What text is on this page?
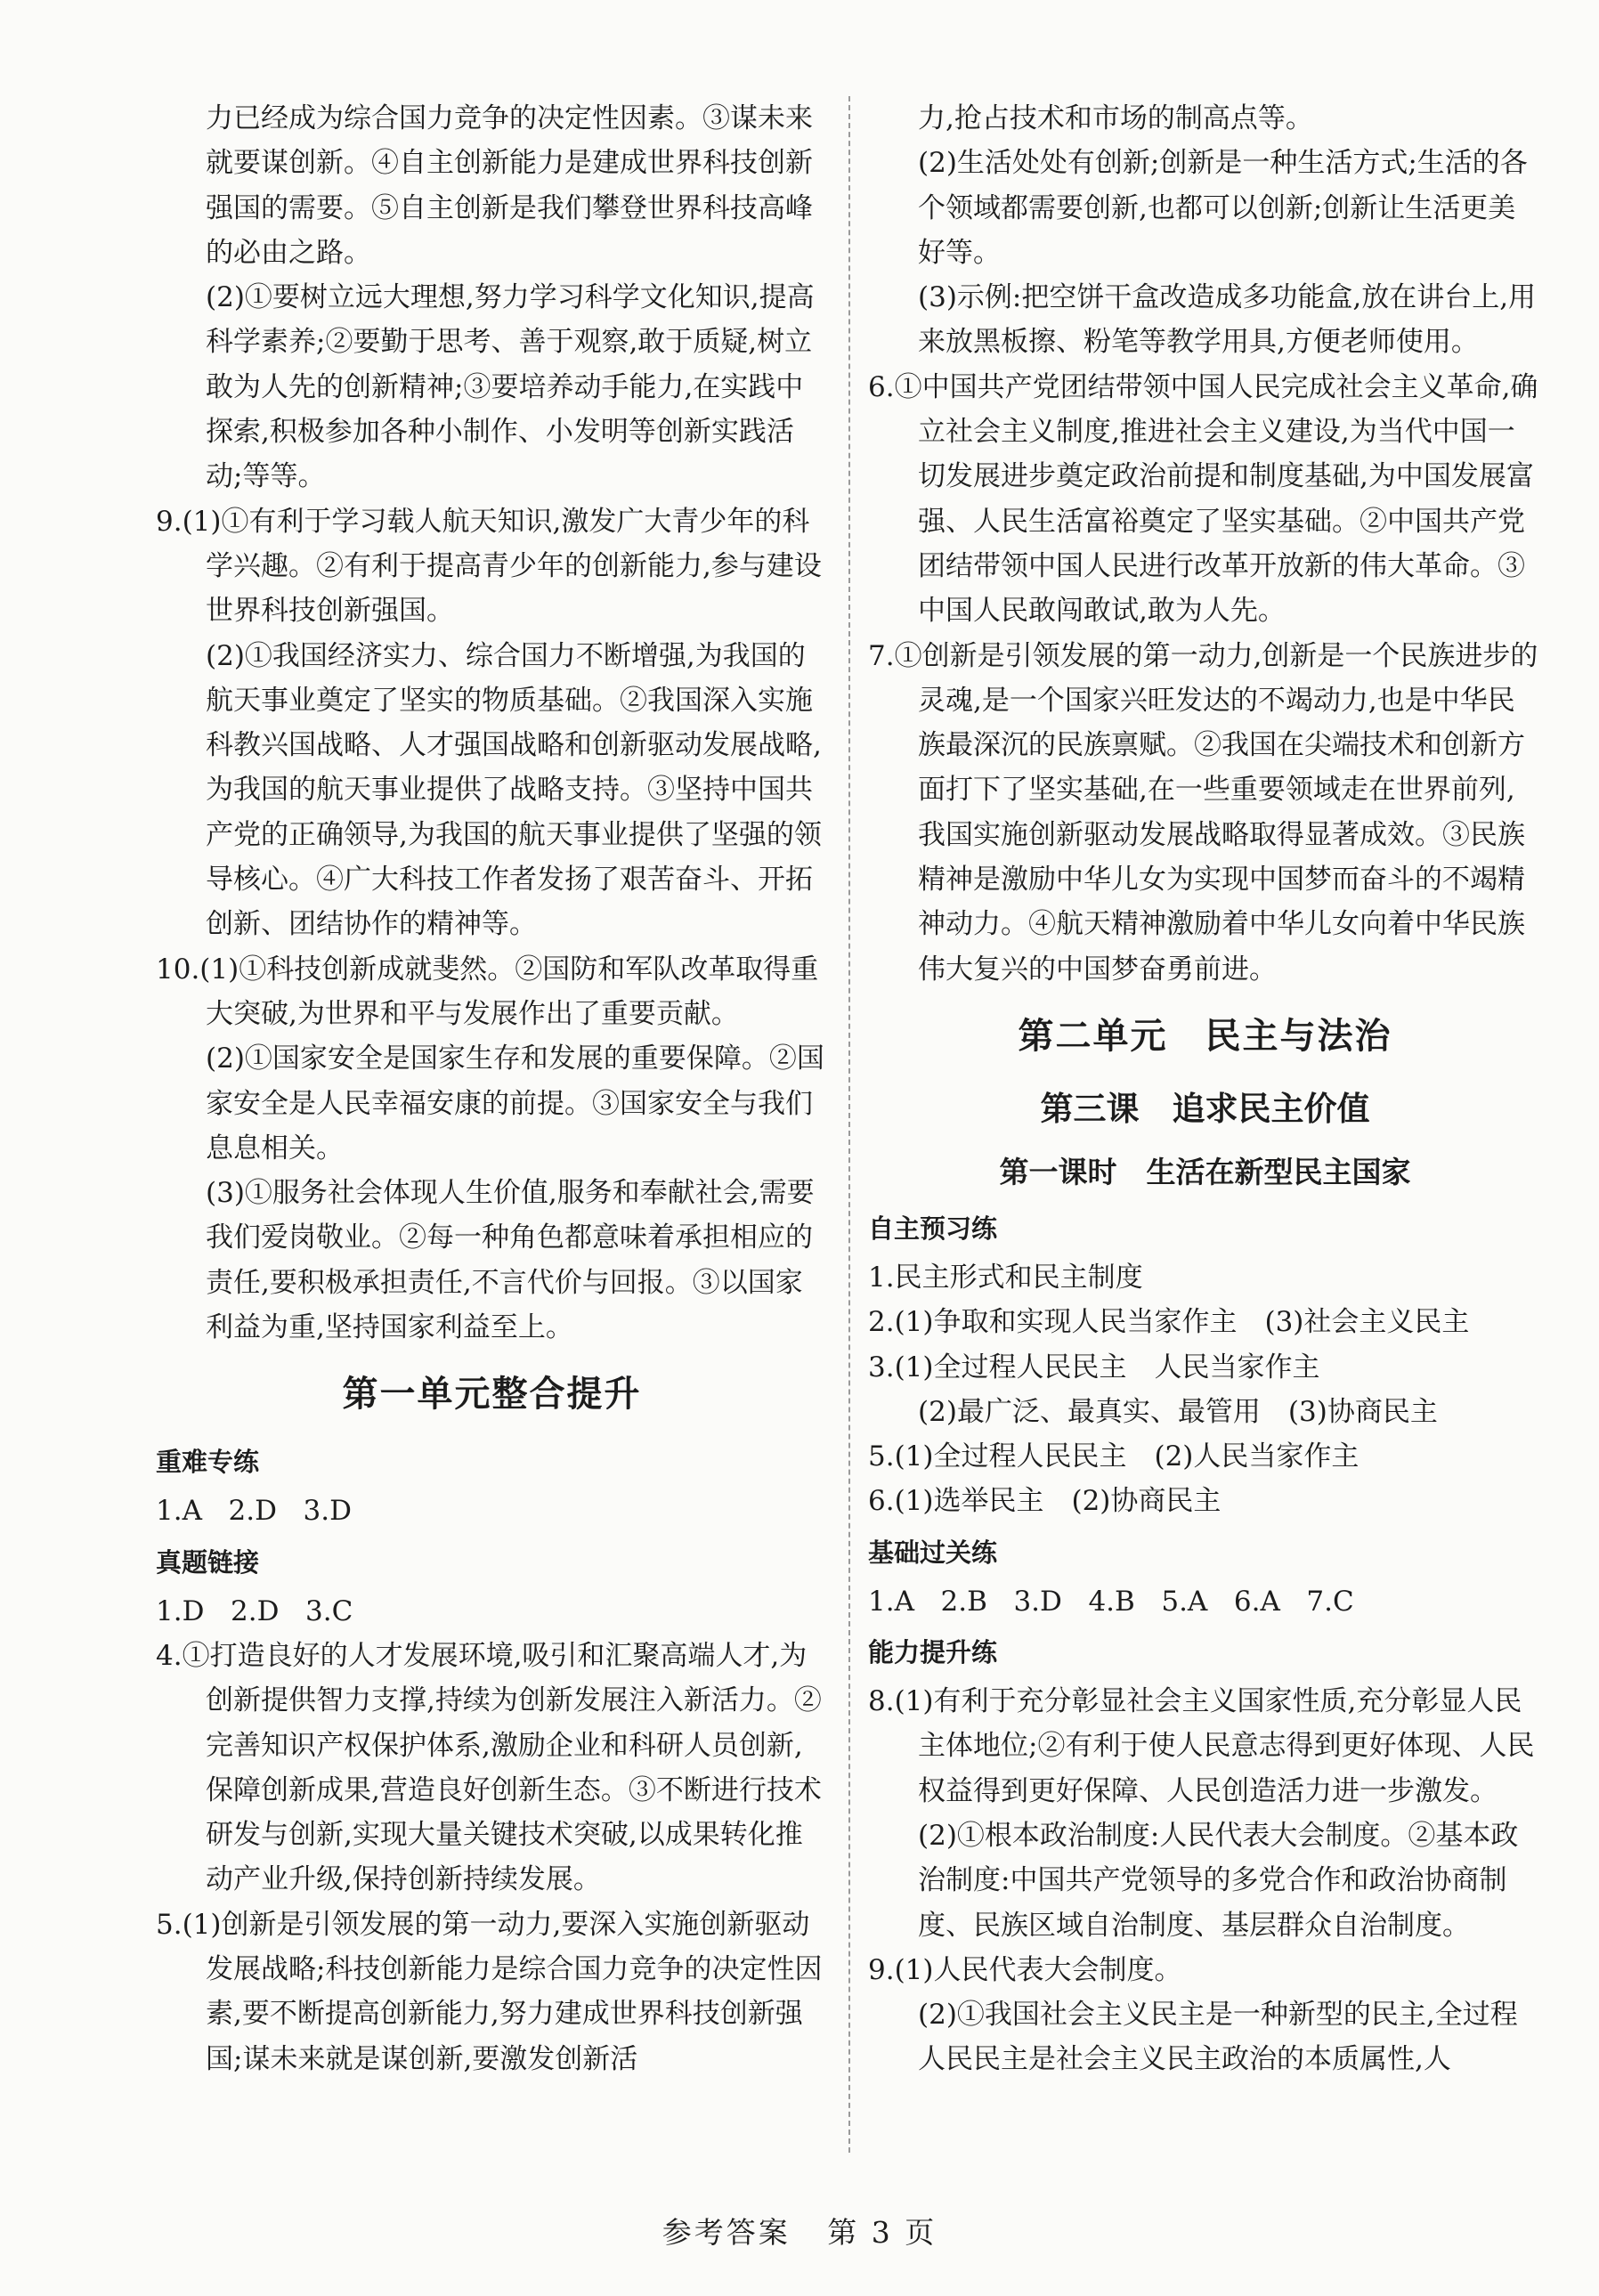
力已经成为综合国力竞争的决定性因素。③谋未来就要谋创新。④自主创新能力是建成世界科技创新强国的需要。⑤自主创新是我们攀登世界科技高峰的必由之路。

(2)①要树立远大理想,努力学习科学文化知识,提高科学素养;②要勤于思考、善于观察,敢于质疑,树立敢为人先的创新精神;③要培养动手能力,在实践中探索,积极参加各种小制作、小发明等创新实践活动;等等。

9.(1)①有利于学习载人航天知识,激发广大青少年的科学兴趣。②有利于提高青少年的创新能力,参与建设世界科技创新强国。

(2)①我国经济实力、综合国力不断增强,为我国的航天事业奠定了坚实的物质基础。②我国深入实施科教兴国战略、人才强国战略和创新驱动发展战略,为我国的航天事业提供了战略支持。③坚持中国共产党的正确领导,为我国的航天事业提供了坚强的领导核心。④广大科技工作者发扬了艰苦奋斗、开拓创新、团结协作的精神等。

10.(1)①科技创新成就斐然。②国防和军队改革取得重大突破,为世界和平与发展作出了重要贡献。

(2)①国家安全是国家生存和发展的重要保障。②国家安全是人民幸福安康的前提。③国家安全与我们息息相关。

(3)①服务社会体现人生价值,服务和奉献社会,需要我们爱岗敬业。②每一种角色都意味着承担相应的责任,要积极承担责任,不言代价与回报。③以国家利益为重,坚持国家利益至上。

第一单元整合提升
重难专练

1.A   2.D   3.D

真题链接

1.D   2.D   3.C

4.①打造良好的人才发展环境,吸引和汇聚高端人才,为创新提供智力支撑,持续为创新发展注入新活力。②完善知识产权保护体系,激励企业和科研人员创新,保障创新成果,营造良好创新生态。③不断进行技术研发与创新,实现大量关键技术突破,以成果转化推动产业升级,保持创新持续发展。

5.(1)创新是引领发展的第一动力,要深入实施创新驱动发展战略;科技创新能力是综合国力竞争的决定性因素,要不断提高创新能力,努力建成世界科技创新强国;谋未来就是谋创新,要激发创新活

力,抢占技术和市场的制高点等。

(2)生活处处有创新;创新是一种生活方式;生活的各个领域都需要创新,也都可以创新;创新让生活更美好等。

(3)示例:把空饼干盒改造成多功能盒,放在讲台上,用来放黑板擦、粉笔等教学用具,方便老师使用。

6.①中国共产党团结带领中国人民完成社会主义革命,确立社会主义制度,推进社会主义建设,为当代中国一切发展进步奠定政治前提和制度基础,为中国发展富强、人民生活富裕奠定了坚实基础。②中国共产党团结带领中国人民进行改革开放新的伟大革命。③中国人民敢闯敢试,敢为人先。

7.①创新是引领发展的第一动力,创新是一个民族进步的灵魂,是一个国家兴旺发达的不竭动力,也是中华民族最深沉的民族禀赋。②我国在尖端技术和创新方面打下了坚实基础,在一些重要领域走在世界前列,我国实施创新驱动发展战略取得显著成效。③民族精神是激励中华儿女为实现中国梦而奋斗的不竭精神动力。④航天精神激励着中华儿女向着中华民族伟大复兴的中国梦奋勇前进。

第二单元　民主与法治
第三课　追求民主价值
第一课时　生活在新型民主国家
自主预习练

1.民主形式和民主制度

2.(1)争取和实现人民当家作主　(3)社会主义民主

3.(1)全过程人民民主　人民当家作主

(2)最广泛、最真实、最管用　(3)协商民主

5.(1)全过程人民民主　(2)人民当家作主

6.(1)选举民主　(2)协商民主

基础过关练

1.A   2.B   3.D   4.B   5.A   6.A   7.C

能力提升练

8.(1)有利于充分彰显社会主义国家性质,充分彰显人民主体地位;②有利于使人民意志得到更好体现、人民权益得到更好保障、人民创造活力进一步激发。

(2)①根本政治制度:人民代表大会制度。②基本政治制度:中国共产党领导的多党合作和政治协商制度、民族区域自治制度、基层群众自治制度。

9.(1)人民代表大会制度。

(2)①我国社会主义民主是一种新型的民主,全过程人民民主是社会主义民主政治的本质属性,人

参考答案 第 3 页
